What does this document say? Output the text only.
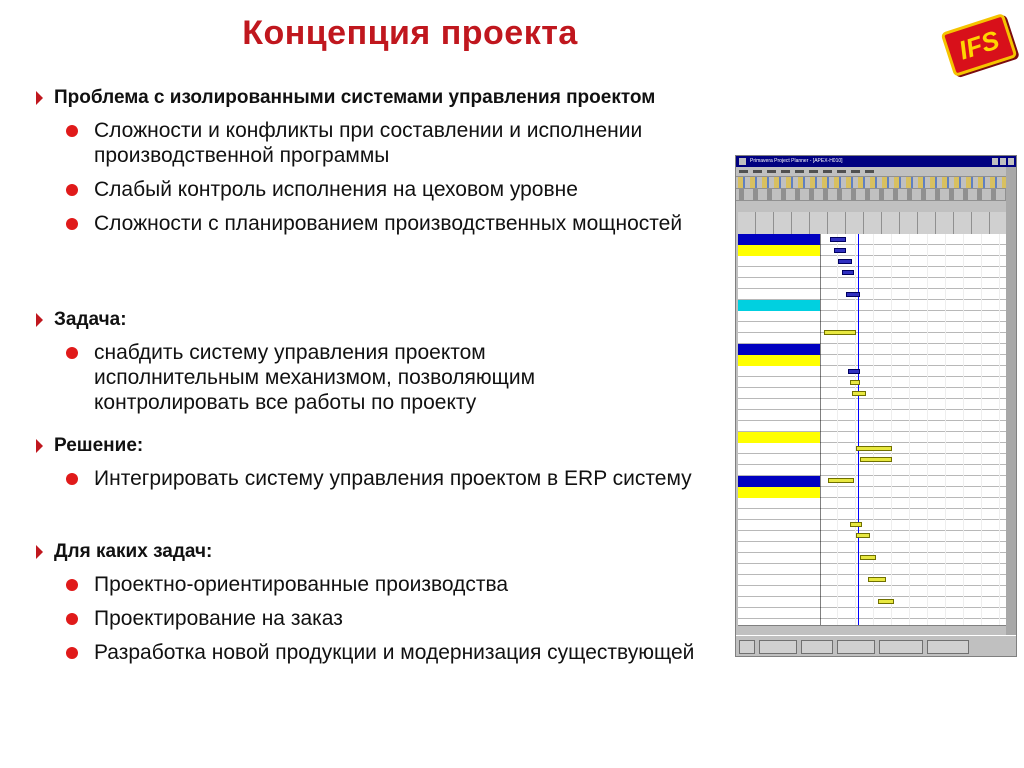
Концепция проекта	IFS
Проблема с изолированными системами управления проектом
Сложности и конфликты при составлении и исполнении производственной программы
Слабый контроль исполнения на цеховом уровне
Сложности с планированием производственных мощностей
Задача:
снабдить систему управления проектом исполнительным механизмом, позволяющим контролировать все работы по проекту
Решение:
Интегрировать систему управления проектом в ERP систему
Для каких задач:
Проектно-ориентированные производства
Проектирование на заказ
Разработка новой продукции и модернизация существующей
Primavera Project Planner - [APEX-H010]
